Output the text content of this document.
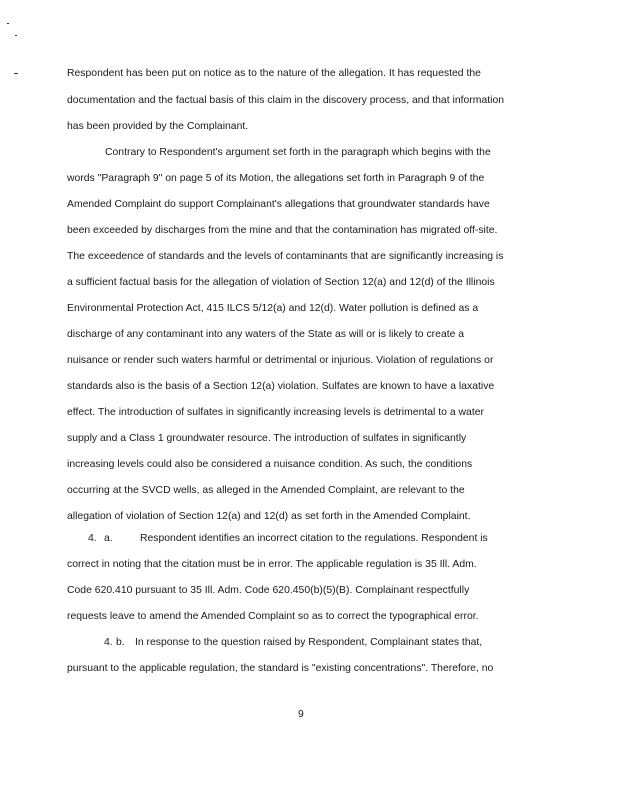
Respondent has been put on notice as to the nature of the allegation. It has requested the
documentation and the factual basis of this claim in the discovery process, and that information
has been provided by the Complainant.
Contrary to Respondent's argument set forth in the paragraph which begins with the
words "Paragraph 9" on page 5 of its Motion, the allegations set forth in Paragraph 9 of the
Amended Complaint do support Complainant's allegations that groundwater standards have
been exceeded by discharges from the mine and that the contamination has migrated off-site.
The exceedence of standards and the levels of contaminants that are significantly increasing is
a sufficient factual basis for the allegation of violation of Section 12(a) and 12(d) of the Illinois
Environmental Protection Act, 415 ILCS 5/12(a) and 12(d). Water pollution is defined as a
discharge of any contaminant into any waters of the State as will or is likely to create a
nuisance or render such waters harmful or detrimental or injurious. Violation of regulations or
standards also is the basis of a Section 12(a) violation. Sulfates are known to have a laxative
effect. The introduction of sulfates in significantly increasing levels is detrimental to a water
supply and a Class 1 groundwater resource. The introduction of sulfates in significantly
increasing levels could also be considered a nuisance condition. As such, the conditions
occurring at the SVCD wells, as alleged in the Amended Complaint, are relevant to the
allegation of violation of Section 12(a) and 12(d) as set forth in the Amended Complaint.
4. a.	Respondent identifies an incorrect citation to the regulations. Respondent is
correct in noting that the citation must be in error. The applicable regulation is 35 Ill. Adm.
Code 620.410 pursuant to 35 Ill. Adm. Code 620.450(b)(5)(B). Complainant respectfully
requests leave to amend the Amended Complaint so as to correct the typographical error.
4. b. In response to the question raised by Respondent, Complainant states that,
pursuant to the applicable regulation, the standard is "existing concentrations". Therefore, no
9
